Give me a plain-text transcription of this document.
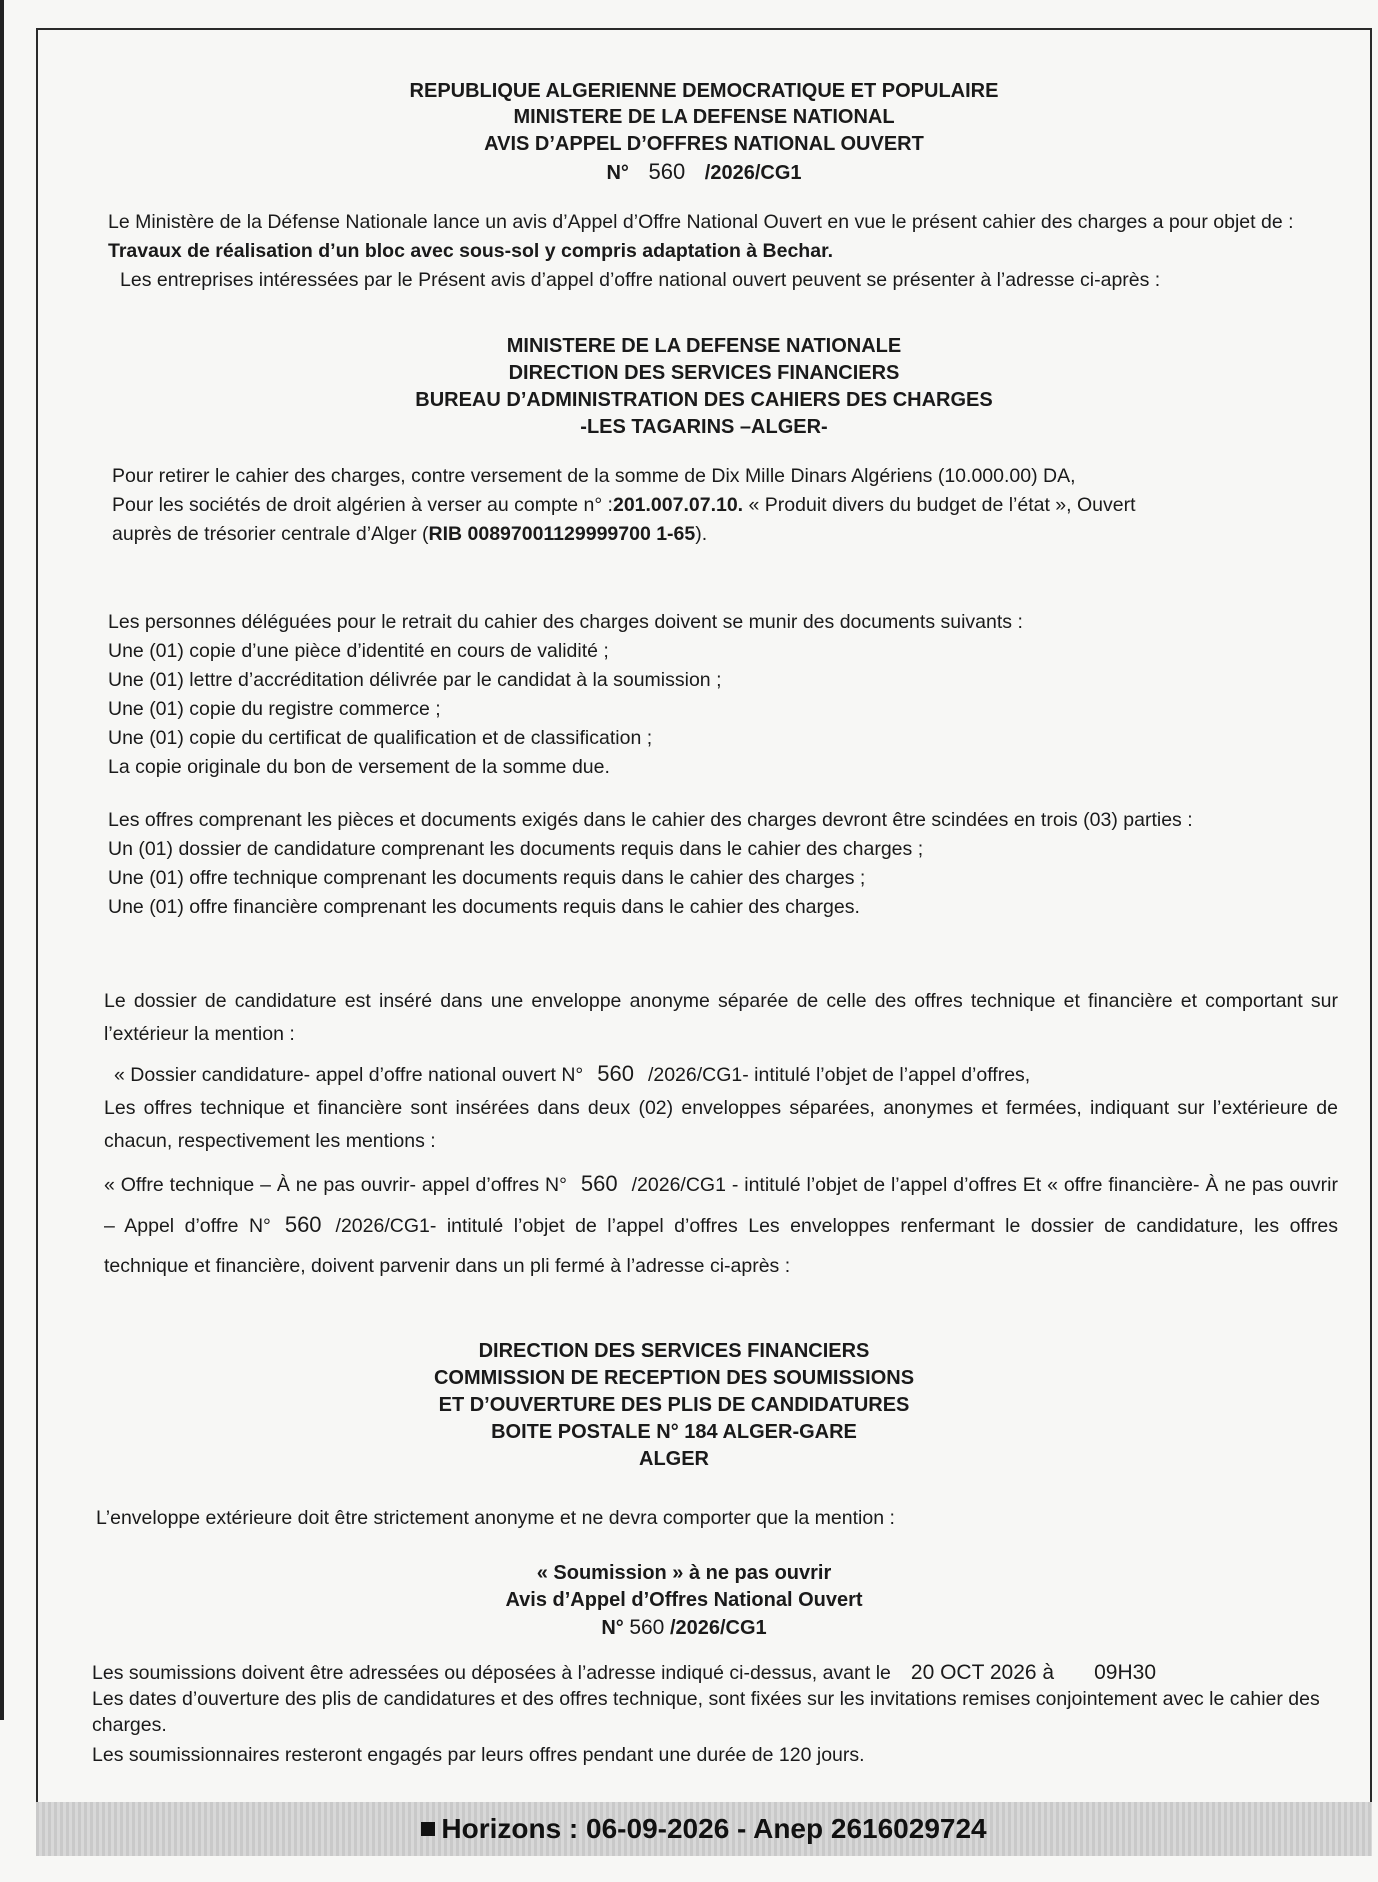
REPUBLIQUE ALGERIENNE DEMOCRATIQUE ET POPULAIRE
MINISTERE DE LA DEFENSE NATIONAL
AVIS D’APPEL D’OFFRES NATIONAL OUVERT
N° 560 /2026/CG1

Le Ministère de la Défense Nationale lance un avis d’Appel d’Offre National Ouvert en vue le présent cahier des charges a pour objet de : Travaux de réalisation d’un bloc avec sous-sol y compris adaptation à Bechar.

Les entreprises intéressées par le Présent avis d’appel d’offre national ouvert peuvent se présenter à l’adresse ci-après :

MINISTERE DE LA DEFENSE NATIONALE
DIRECTION DES SERVICES FINANCIERS
BUREAU D’ADMINISTRATION DES CAHIERS DES CHARGES
-LES TAGARINS –ALGER-

Pour retirer le cahier des charges, contre versement de la somme de Dix Mille Dinars Algériens (10.000.00) DA,

Pour les sociétés de droit algérien à verser au compte n° :201.007.07.10. « Produit divers du budget de l’état », Ouvert

auprès de trésorier centrale d’Alger (RIB 00897001129999700 1-65).

Les personnes déléguées pour le retrait du cahier des charges doivent se munir des documents suivants :

Une (01) copie d’une pièce d’identité en cours de validité ;

Une (01) lettre d’accréditation délivrée par le candidat à la soumission ;

Une (01) copie du registre commerce ;

Une (01) copie du certificat de qualification et de classification ;

La copie originale du bon de versement de la somme due.

Les offres comprenant les pièces et documents exigés dans le cahier des charges devront être scindées en trois (03) parties :

Un (01) dossier de candidature comprenant les documents requis dans le cahier des charges ;

Une (01) offre technique comprenant les documents requis dans le cahier des charges ;

Une (01) offre financière comprenant les documents requis dans le cahier des charges.

Le dossier de candidature est inséré dans une enveloppe anonyme séparée de celle des offres technique et financière et comportant sur l’extérieur la mention :

« Dossier candidature- appel d’offre national ouvert N° 560 /2026/CG1- intitulé l’objet de l’appel d’offres,

Les offres technique et financière sont insérées dans deux (02) enveloppes séparées, anonymes et fermées, indiquant sur l’extérieure de chacun, respectivement les mentions :

« Offre technique – À ne pas ouvrir- appel d’offres N° 560 /2026/CG1 - intitulé l’objet de l’appel d’offres Et « offre financière- À ne pas ouvrir – Appel d’offre N° 560 /2026/CG1- intitulé l’objet de l’appel d’offres Les enveloppes renfermant le dossier de candidature, les offres technique et financière, doivent parvenir dans un pli fermé à l’adresse ci-après :

DIRECTION DES SERVICES FINANCIERS
COMMISSION DE RECEPTION DES SOUMISSIONS
ET D’OUVERTURE DES PLIS DE CANDIDATURES
BOITE POSTALE N° 184 ALGER-GARE
ALGER
L’enveloppe extérieure doit être strictement anonyme et ne devra comporter que la mention :
« Soumission » à ne pas ouvrir
Avis d’Appel d’Offres National Ouvert
N° 560 /2026/CG1

Les soumissions doivent être adressées ou déposées à l’adresse indiqué ci-dessus, avant le 20 OCT 2026 à 09H30

Les dates d’ouverture des plis de candidatures et des offres technique, sont fixées sur les invitations remises conjointement avec le cahier des charges.

Les soumissionnaires resteront engagés par leurs offres pendant une durée de 120 jours.

Horizons : 06-09-2026 - Anep 2616029724
